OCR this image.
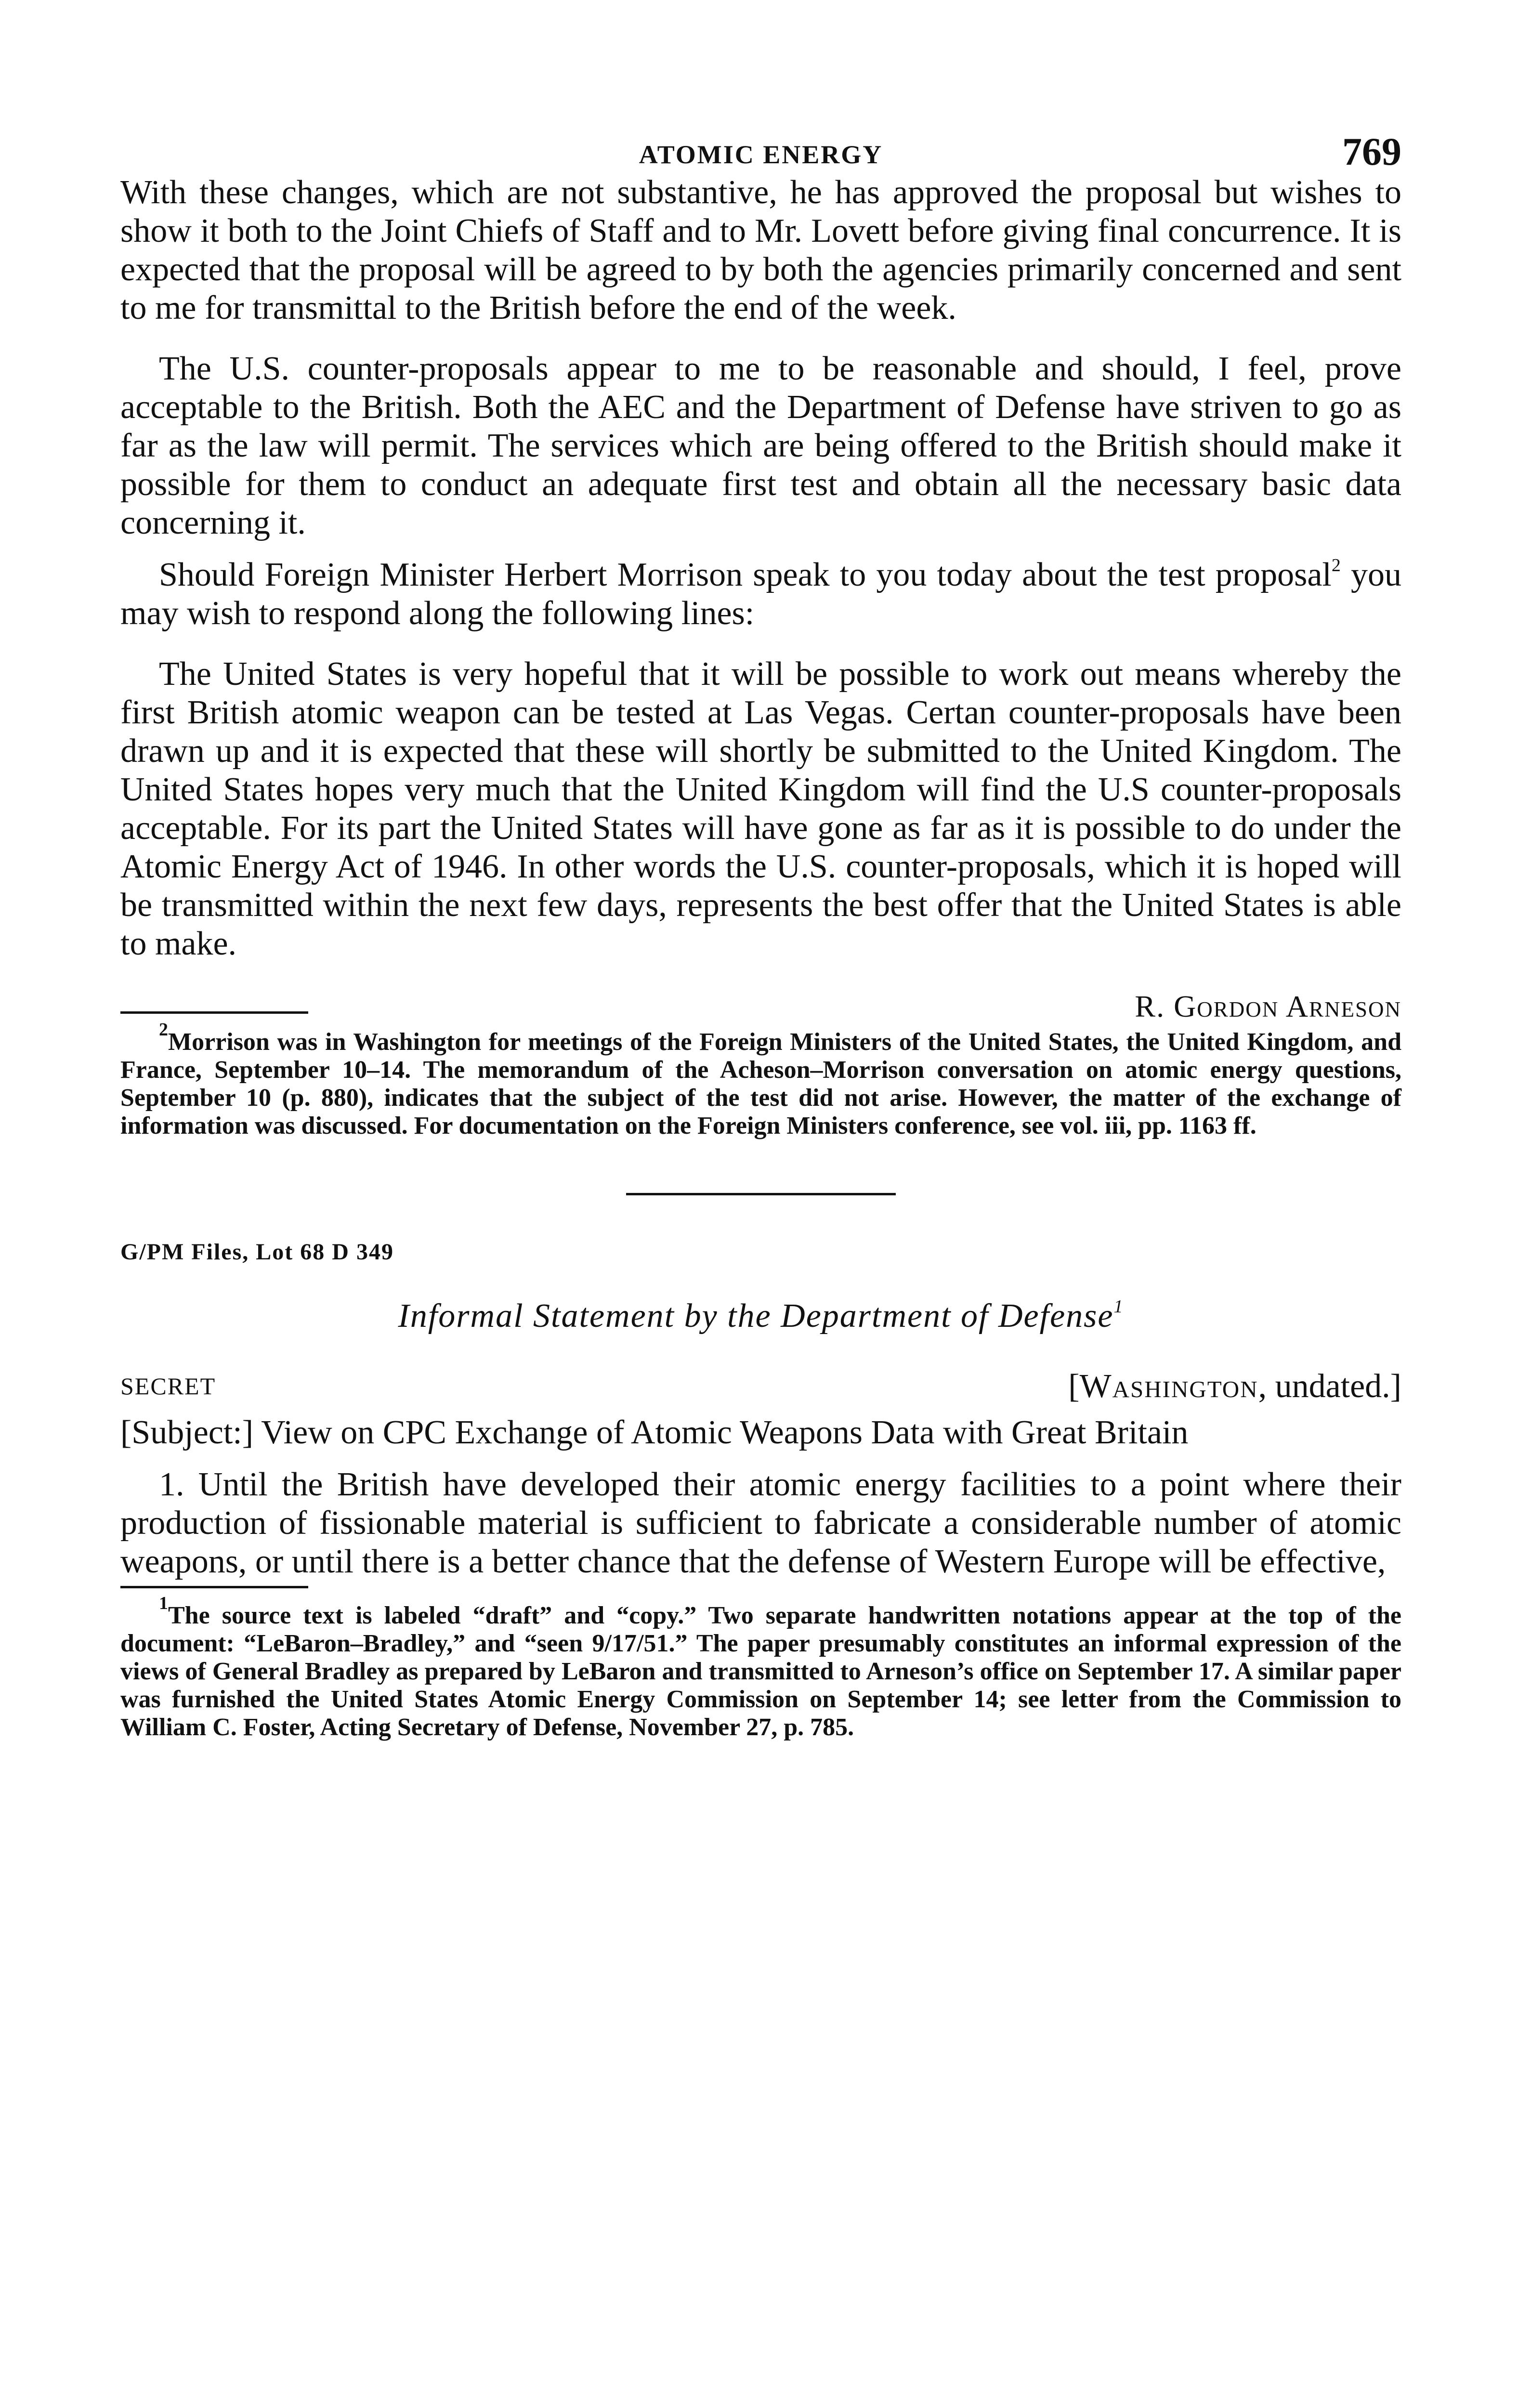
ATOMIC ENERGY	769

With these changes, which are not substantive, he has approved the proposal but wishes to show it both to the Joint Chiefs of Staff and to Mr. Lovett before giving final concurrence. It is expected that the proposal will be agreed to by both the agencies primarily concerned and sent to me for transmittal to the British before the end of the week.

The U.S. counter-proposals appear to me to be reasonable and should, I feel, prove acceptable to the British. Both the AEC and the Department of Defense have striven to go as far as the law will permit. The services which are being offered to the British should make it possible for them to conduct an adequate first test and obtain all the necessary basic data concerning it.

Should Foreign Minister Herbert Morrison speak to you today about the test proposal$^2$ you may wish to respond along the following lines:

The United States is very hopeful that it will be possible to work out means whereby the first British atomic weapon can be tested at Las Vegas. Certan counter-proposals have been drawn up and it is expected that these will shortly be submitted to the United Kingdom. The United States hopes very much that the United Kingdom will find the U.S counter-proposals acceptable. For its part the United States will have gone as far as it is possible to do under the Atomic Energy Act of 1946. In other words the U.S. counter-proposals, which it is hoped will be transmitted within the next few days, represents the best offer that the United States is able to make.

R. Gordon Arneson

$^2$Morrison was in Washington for meetings of the Foreign Ministers of the United States, the United Kingdom, and France, September 10–14. The memorandum of the Acheson–Morrison conversation on atomic energy questions, September 10 (p. 880), indicates that the subject of the test did not arise. However, the matter of the exchange of information was discussed. For documentation on the Foreign Ministers conference, see vol. iii, pp. 1163 ff.

G/PM Files, Lot 68 D 349
Informal Statement by the Department of Defense$^1$
SECRET	[Washington, undated.]
[Subject:] View on CPC Exchange of Atomic Weapons Data with Great Britain

1. Until the British have developed their atomic energy facilities to a point where their production of fissionable material is sufficient to fabricate a considerable number of atomic weapons, or until there is a better chance that the defense of Western Europe will be effective,

$^1$The source text is labeled “draft” and “copy.” Two separate handwritten notations appear at the top of the document: “LeBaron–Bradley,” and “seen 9/17/51.” The paper presumably constitutes an informal expression of the views of General Bradley as prepared by LeBaron and transmitted to Arneson’s office on September 17. A similar paper was furnished the United States Atomic Energy Commission on September 14; see letter from the Commission to William C. Foster, Acting Secretary of Defense, November 27, p. 785.
